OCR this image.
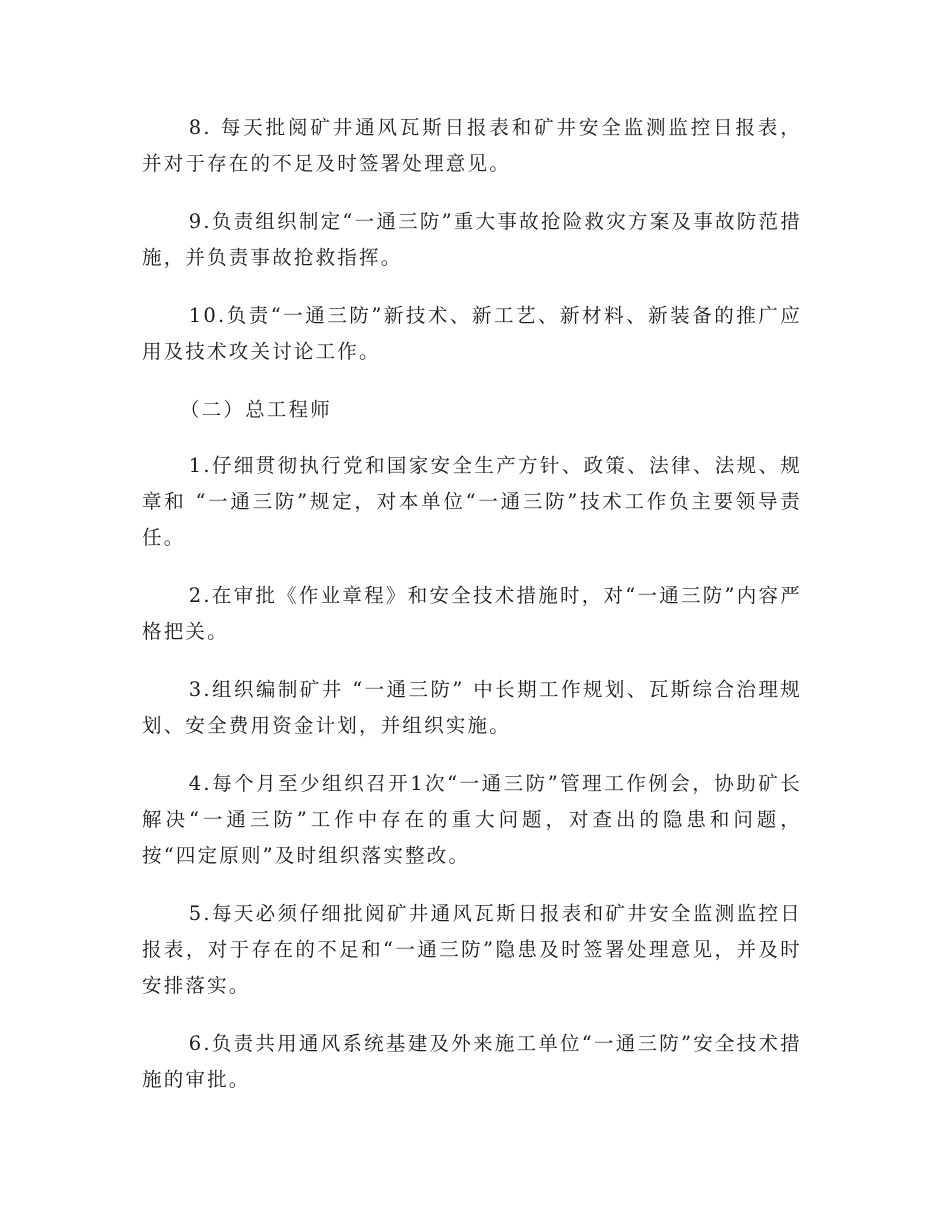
8. 每天批阅矿井通风瓦斯日报表和矿井安全监测监控日报表，并对于存在的不足及时签署处理意见。

9.负责组织制定“一通三防”重大事故抢险救灾方案及事故防范措施，并负责事故抢救指挥。

10.负责“一通三防”新技术、新工艺、新材料、新装备的推广应用及技术攻关讨论工作。

（二）总工程师

1.仔细贯彻执行党和国家安全生产方针、政策、法律、法规、规章和 “一通三防”规定，对本单位“一通三防”技术工作负主要领导责任。

2.在审批《作业章程》和安全技术措施时，对“一通三防”内容严格把关。

3.组织编制矿井 “一通三防” 中长期工作规划、瓦斯综合治理规划、安全费用资金计划，并组织实施。

4.每个月至少组织召开1次“一通三防”管理工作例会，协助矿长解决“一通三防”工作中存在的重大问题，对查出的隐患和问题，按“四定原则”及时组织落实整改。

5.每天必须仔细批阅矿井通风瓦斯日报表和矿井安全监测监控日报表，对于存在的不足和“一通三防”隐患及时签署处理意见，并及时安排落实。

6.负责共用通风系统基建及外来施工单位“一通三防”安全技术措施的审批。
